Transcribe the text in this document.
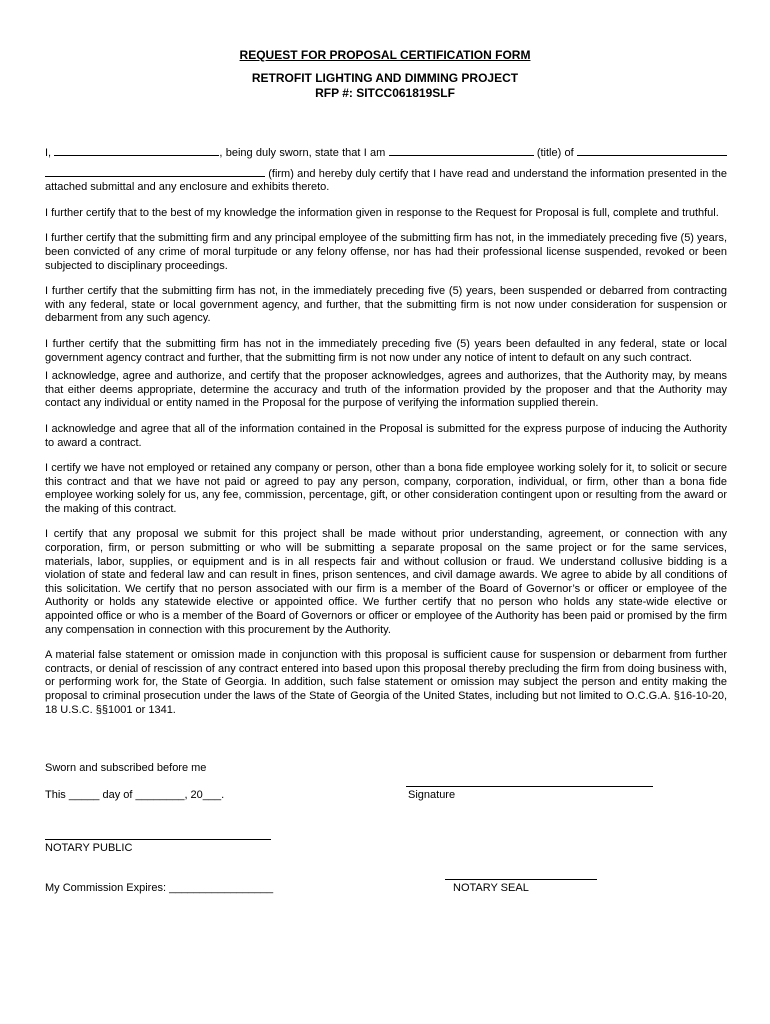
REQUEST FOR PROPOSAL CERTIFICATION FORM
RETROFIT LIGHTING AND DIMMING PROJECT
RFP #: SITCC061819SLF

I,	, being duly sworn, state that I am	(title) of

(firm) and hereby duly certify that I have read and understand the information presented in the attached submittal and any enclosure and exhibits thereto.

I further certify that to the best of my knowledge the information given in response to the Request for Proposal is full, complete and truthful.

I further certify that the submitting firm and any principal employee of the submitting firm has not, in the immediately preceding five (5) years, been convicted of any crime of moral turpitude or any felony offense, nor has had their professional license suspended, revoked or been subjected to disciplinary proceedings.

I further certify that the submitting firm has not, in the immediately preceding five (5) years, been suspended or debarred from contracting with any federal, state or local government agency, and further, that the submitting firm is not now under consideration for suspension or debarment from any such agency.

I further certify that the submitting firm has not in the immediately preceding five (5) years been defaulted in any federal, state or local government agency contract and further, that the submitting firm is not now under any notice of intent to default on any such contract.

I acknowledge, agree and authorize, and certify that the proposer acknowledges, agrees and authorizes, that the Authority may, by means that either deems appropriate, determine the accuracy and truth of the information provided by the proposer and that the Authority may contact any individual or entity named in the Proposal for the purpose of verifying the information supplied therein.

I acknowledge and agree that all of the information contained in the Proposal is submitted for the express purpose of inducing the Authority to award a contract.

I certify we have not employed or retained any company or person, other than a bona fide employee working solely for it, to solicit or secure this contract and that we have not paid or agreed to pay any person, company, corporation, individual, or firm, other than a bona fide employee working solely for us, any fee, commission, percentage, gift, or other consideration contingent upon or resulting from the award or the making of this contract.

I certify that any proposal we submit for this project shall be made without prior understanding, agreement, or connection with any corporation, firm, or person submitting or who will be submitting a separate proposal on the same project or for the same services, materials, labor, supplies, or equipment and is in all respects fair and without collusion or fraud. We understand collusive bidding is a violation of state and federal law and can result in fines, prison sentences, and civil damage awards. We agree to abide by all conditions of this solicitation. We certify that no person associated with our firm is a member of the Board of Governor’s or officer or employee of the Authority or holds any statewide elective or appointed office. We further certify that no person who holds any state-wide elective or appointed office or who is a member of the Board of Governors or officer or employee of the Authority has been paid or promised by the firm any compensation in connection with this procurement by the Authority.

A material false statement or omission made in conjunction with this proposal is sufficient cause for suspension or debarment from further contracts, or denial of rescission of any contract entered into based upon this proposal thereby precluding the firm from doing business with, or performing work for, the State of Georgia. In addition, such false statement or omission may subject the person and entity making the proposal to criminal prosecution under the laws of the State of Georgia of the United States, including but not limited to O.C.G.A. §16-10-20, 18 U.S.C. §§1001 or 1341.

Sworn and subscribed before me
This _____ day of ________, 20___.	Signature
NOTARY PUBLIC
My Commission Expires: _________________	NOTARY SEAL
